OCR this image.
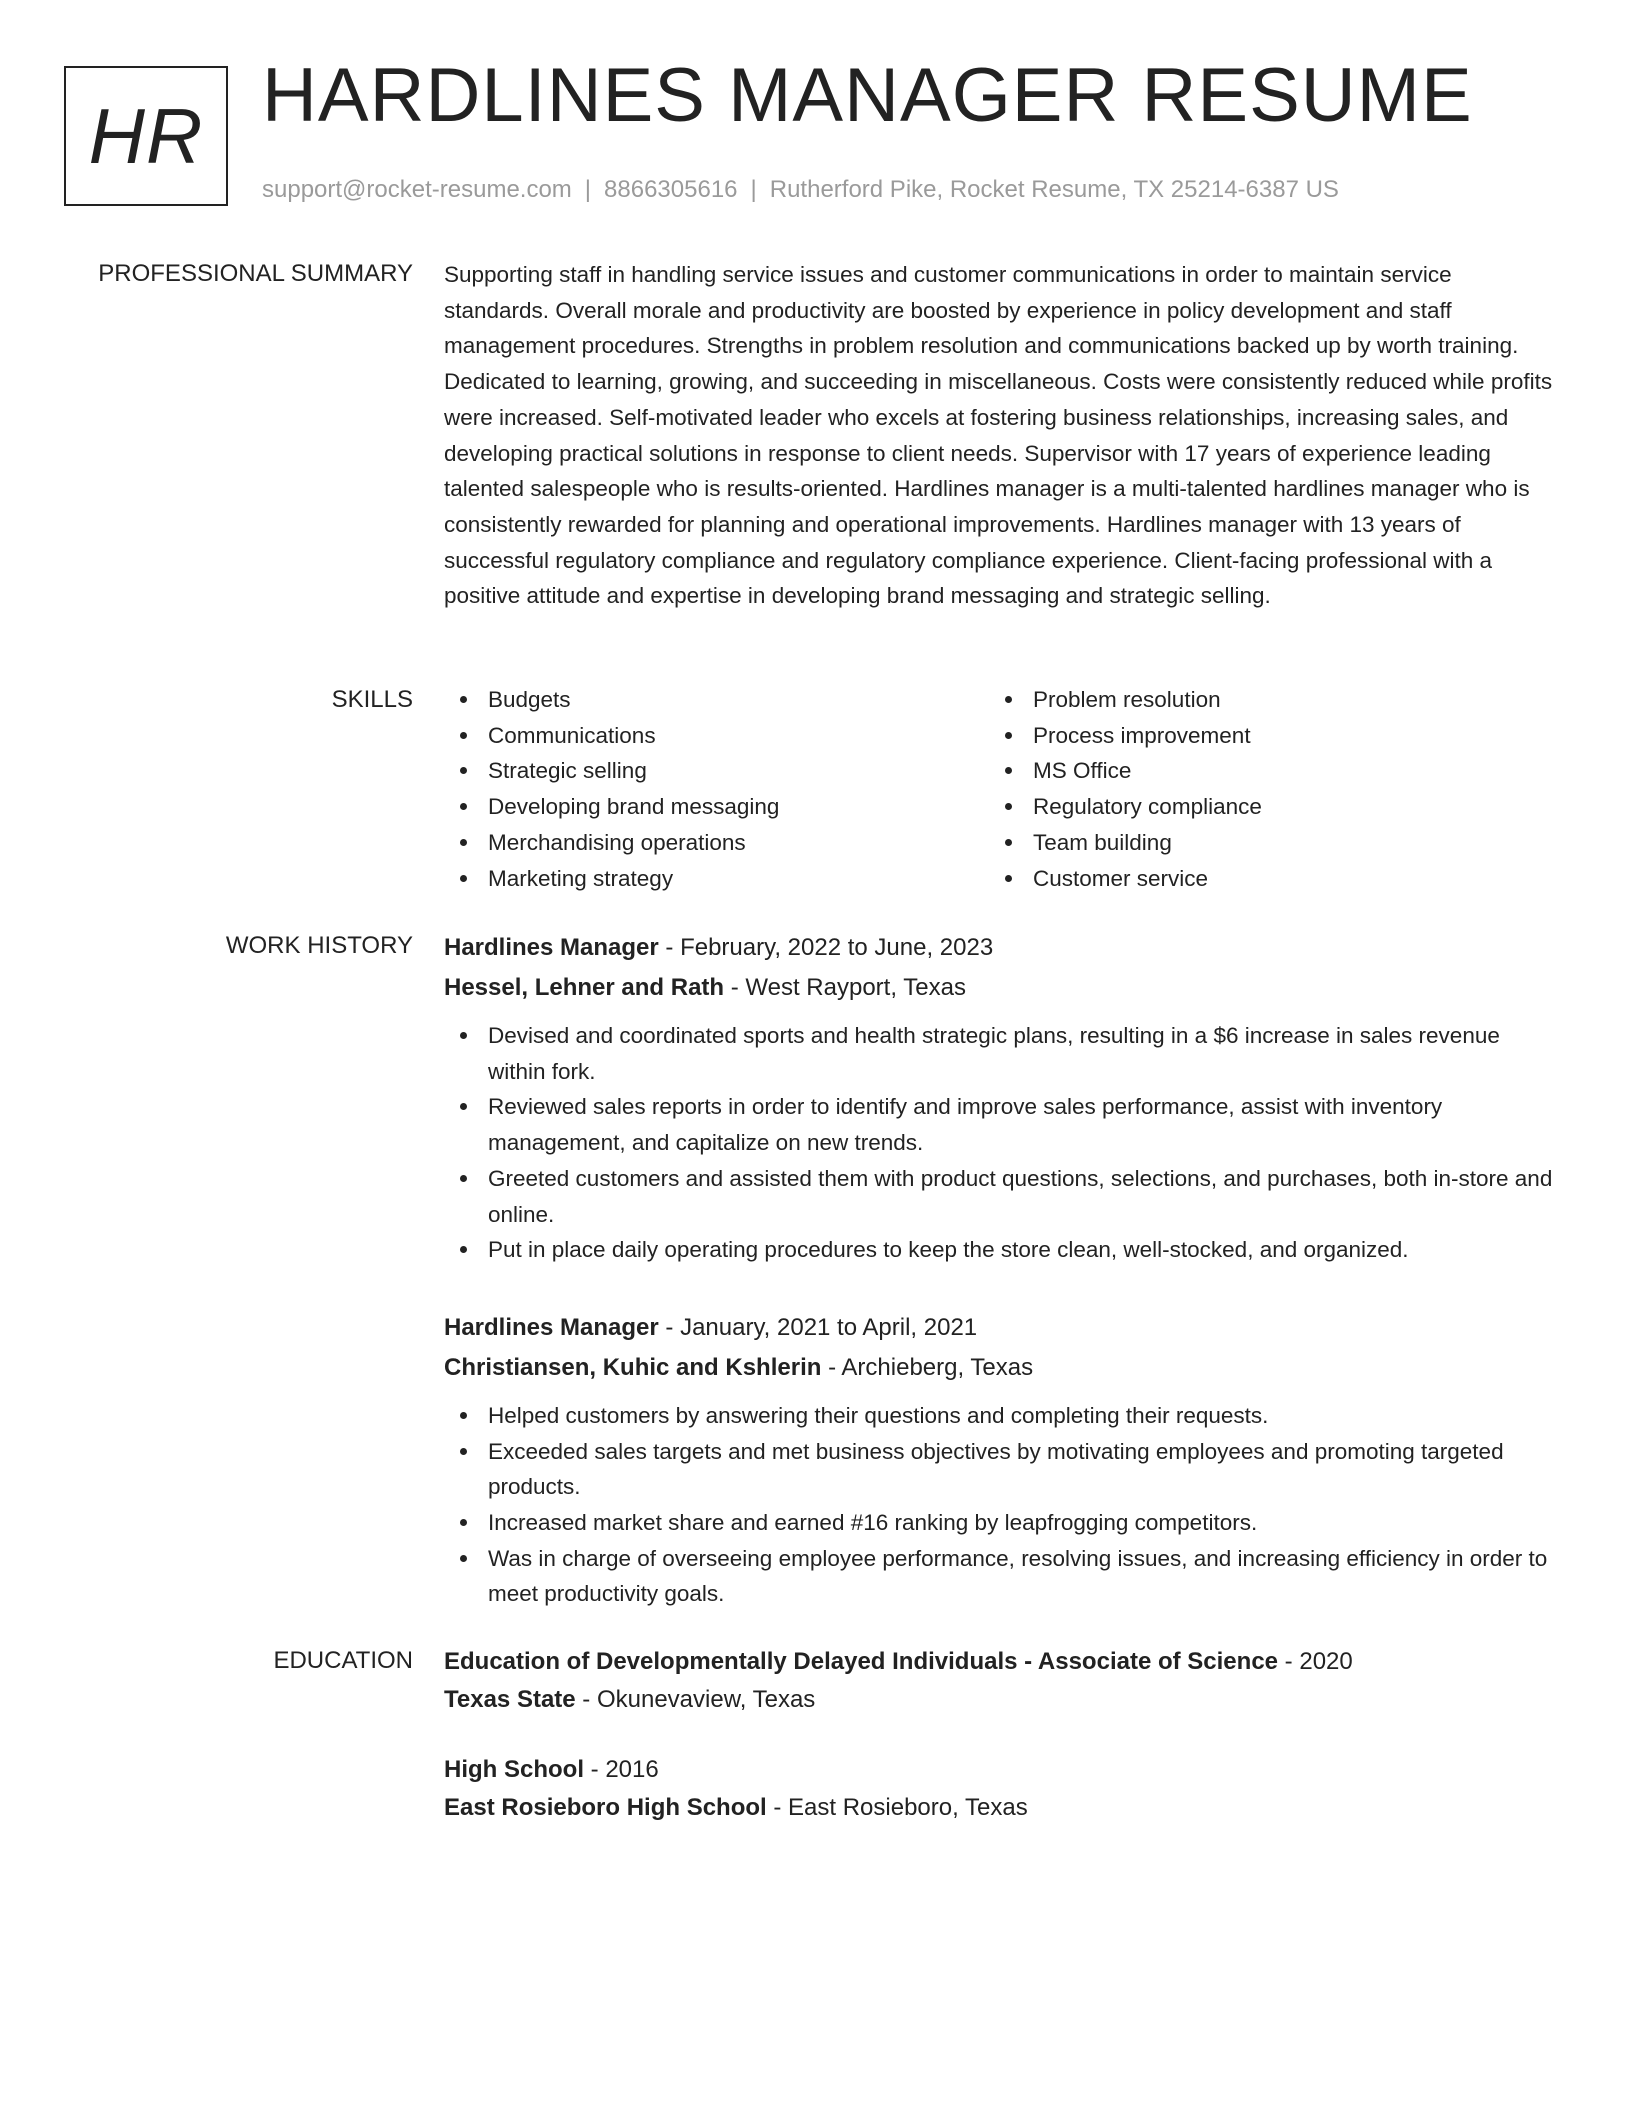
HR HARDLINES MANAGER RESUME
support@rocket-resume.com | 8866305616 | Rutherford Pike, Rocket Resume, TX 25214-6387 US
PROFESSIONAL SUMMARY Supporting staff in handling service issues and customer communications in order to maintain service standards. Overall morale and productivity are boosted by experience in policy development and staff management procedures. Strengths in problem resolution and communications backed up by worth training. Dedicated to learning, growing, and succeeding in miscellaneous. Costs were consistently reduced while profits were increased. Self-motivated leader who excels at fostering business relationships, increasing sales, and developing practical solutions in response to client needs. Supervisor with 17 years of experience leading talented salespeople who is results-oriented. Hardlines manager is a multi-talented hardlines manager who is consistently rewarded for planning and operational improvements. Hardlines manager with 13 years of successful regulatory compliance and regulatory compliance experience. Client-facing professional with a positive attitude and expertise in developing brand messaging and strategic selling.

SKILLS	Budgets
Communications
Strategic selling
Developing brand messaging
Merchandising operations
Marketing strategy
Problem resolution
Process improvement
MS Office
Regulatory compliance
Team building
Customer service
WORK HISTORY Hardlines Manager - February, 2022 to June, 2023
Hessel, Lehner and Rath - West Rayport, Texas
Devised and coordinated sports and health strategic plans, resulting in a $6 increase in sales revenue within fork.
Reviewed sales reports in order to identify and improve sales performance, assist with inventory management, and capitalize on new trends.
Greeted customers and assisted them with product questions, selections, and purchases, both in-store and online.
Put in place daily operating procedures to keep the store clean, well-stocked, and organized.
Hardlines Manager - January, 2021 to April, 2021
Christiansen, Kuhic and Kshlerin - Archieberg, Texas
Helped customers by answering their questions and completing their requests.
Exceeded sales targets and met business objectives by motivating employees and promoting targeted products.
Increased market share and earned #16 ranking by leapfrogging competitors.
Was in charge of overseeing employee performance, resolving issues, and increasing efficiency in order to meet productivity goals.
EDUCATION Education of Developmentally Delayed Individuals - Associate of Science - 2020
Texas State - Okunevaview, Texas
High School - 2016
East Rosieboro High School - East Rosieboro, Texas
